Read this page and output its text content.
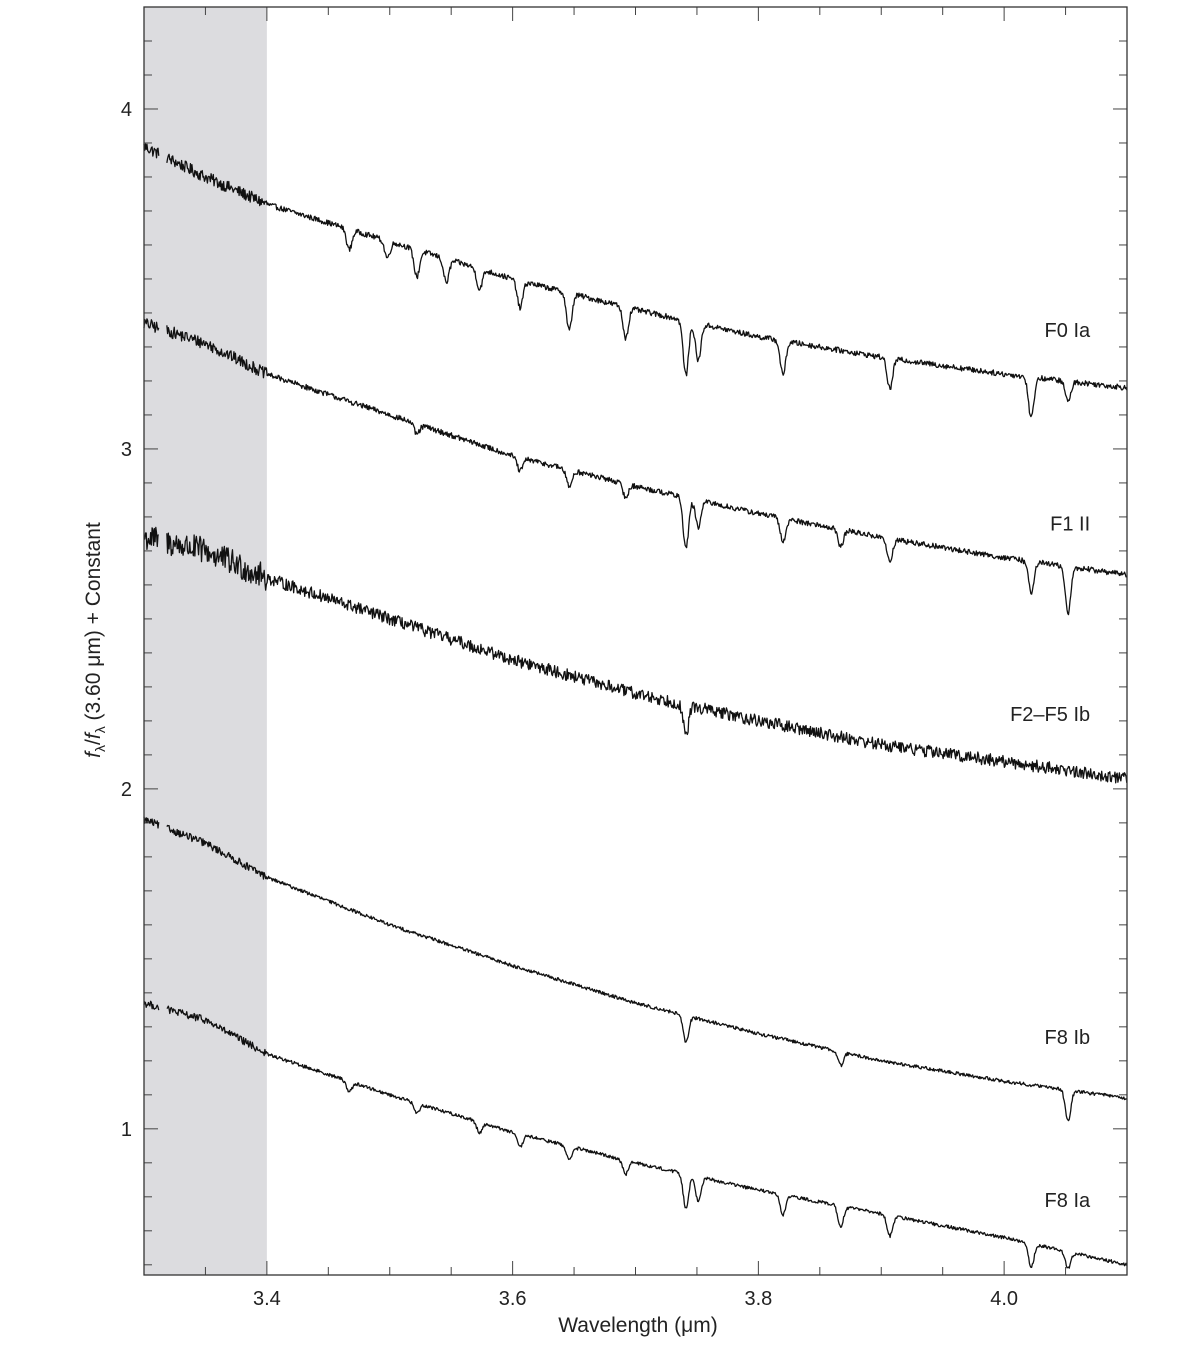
3.4	3.6	3.8	4.0
1
2
3
4
F0 Ia
F1 II
F2–F5 Ib
F8 Ib
F8 Ia
Wavelength (μm)
$f_\lambda/f_\lambda$ (3.60 μm) + Constant
